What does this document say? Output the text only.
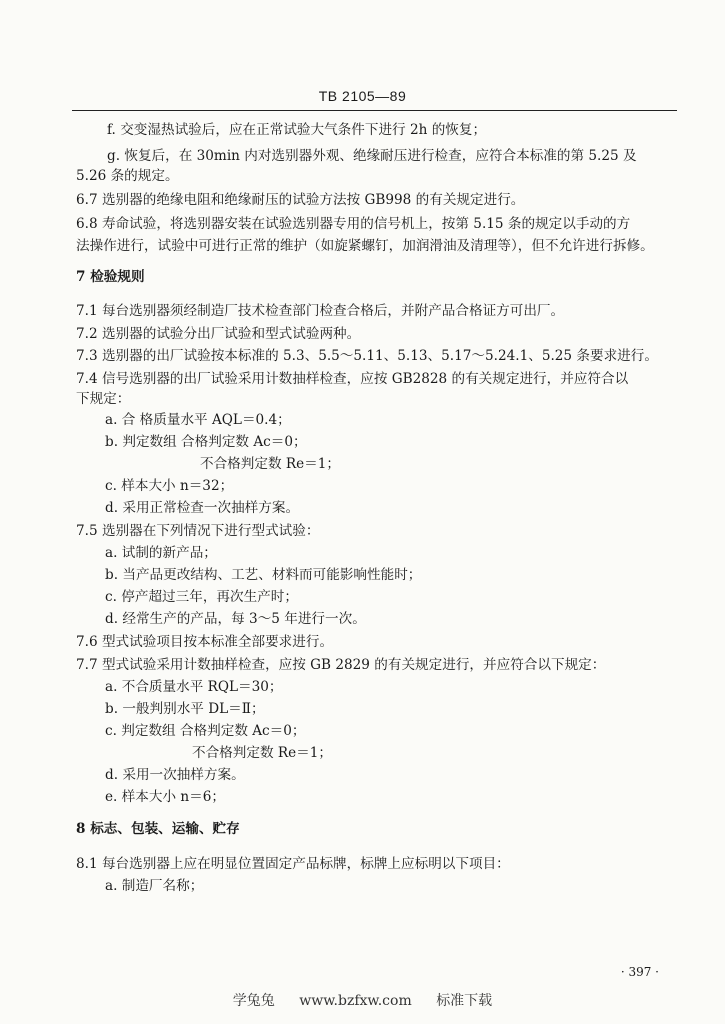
TB 2105—89
f. 交变湿热试验后，应在正常试验大气条件下进行 2h 的恢复；
g. 恢复后，在 30min 内对选别器外观、绝缘耐压进行检查，应符合本标准的第 5.25 及
5.26 条的规定。
6.7 选别器的绝缘电阻和绝缘耐压的试验方法按 GB998 的有关规定进行。
6.8 寿命试验，将选别器安装在试验选别器专用的信号机上，按第 5.15 条的规定以手动的方
法操作进行，试验中可进行正常的维护（如旋紧螺钉，加润滑油及清理等），但不允许进行拆修。
7 检验规则
7.1 每台选别器须经制造厂技术检查部门检查合格后，并附产品合格证方可出厂。
7.2 选别器的试验分出厂试验和型式试验两种。
7.3 选别器的出厂试验按本标准的 5.3、5.5～5.11、5.13、5.17～5.24.1、5.25 条要求进行。
7.4 信号选别器的出厂试验采用计数抽样检查，应按 GB2828 的有关规定进行，并应符合以
下规定：
a. 合 格质量水平 AQL＝0.4；
b. 判定数组 合格判定数 Ac＝0；
不合格判定数 Re＝1；
c. 样本大小 n＝32；
d. 采用正常检查一次抽样方案。
7.5 选别器在下列情况下进行型式试验：
a. 试制的新产品；
b. 当产品更改结构、工艺、材料而可能影响性能时；
c. 停产超过三年，再次生产时；
d. 经常生产的产品，每 3～5 年进行一次。
7.6 型式试验项目按本标准全部要求进行。
7.7 型式试验采用计数抽样检查，应按 GB 2829 的有关规定进行，并应符合以下规定：
a. 不合质量水平 RQL＝30；
b. 一般判别水平 DL＝Ⅱ；
c. 判定数组 合格判定数 Ac＝0；
不合格判定数 Re＝1；
d. 采用一次抽样方案。
e. 样本大小 n＝6；
8 标志、包装、运输、贮存
8.1 每台选别器上应在明显位置固定产品标牌，标牌上应标明以下项目：
a. 制造厂名称；
· 397 ·
学兔兔 www.bzfxw.com 标准下载
